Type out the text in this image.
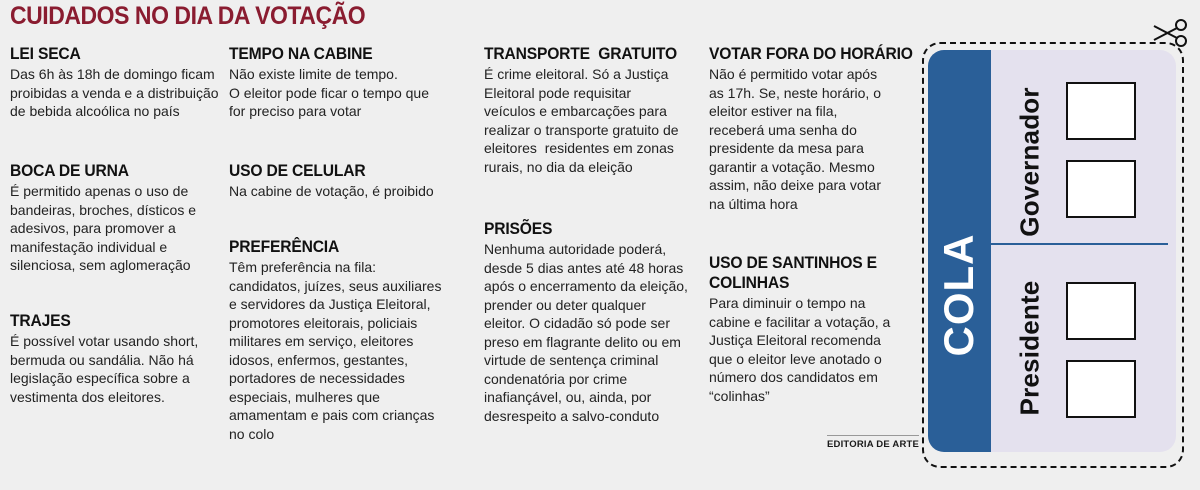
CUIDADOS NO DIA DA VOTAÇÃO
LEI SECA

Das 6h às 18h de domingo ficam
proibidas a venda e a distribuição
de bebida alcoólica no país

BOCA DE URNA

É permitido apenas o uso de
bandeiras, broches, dísticos e
adesivos, para promover a
manifestação individual e
silenciosa, sem aglomeração

TRAJES

É possível votar usando short,
bermuda ou sandália. Não há
legislação específica sobre a
vestimenta dos eleitores.

TEMPO NA CABINE

Não existe limite de tempo.
O eleitor pode ficar o tempo que
for preciso para votar

USO DE CELULAR

Na cabine de votação, é proibido

PREFERÊNCIA

Têm preferência na fila:
candidatos, juízes, seus auxiliares
e servidores da Justiça Eleitoral,
promotores eleitorais, policiais
militares em serviço, eleitores
idosos, enfermos, gestantes,
portadores de necessidades
especiais, mulheres que
amamentam e pais com crianças
no colo

TRANSPORTE  GRATUITO

É crime eleitoral. Só a Justiça
Eleitoral pode requisitar
veículos e embarcações para
realizar o transporte gratuito de
eleitores  residentes em zonas
rurais, no dia da eleição

PRISÕES

Nenhuma autoridade poderá,
desde 5 dias antes até 48 horas
após o encerramento da eleição,
prender ou deter qualquer
eleitor. O cidadão só pode ser
preso em flagrante delito ou em
virtude de sentença criminal
condenatória por crime
inafiançável, ou, ainda, por
desrespeito a salvo-conduto

VOTAR FORA DO HORÁRIO

Não é permitido votar após
as 17h. Se, neste horário, o
eleitor estiver na fila,
receberá uma senha do
presidente da mesa para
garantir a votação. Mesmo
assim, não deixe para votar
na última hora

USO DE SANTINHOS E
COLINHAS

Para diminuir o tempo na
cabine e facilitar a votação, a
Justiça Eleitoral recomenda
que o eleitor leve anotado o
número dos candidatos em
“colinhas”

EDITORIA DE ARTE
COLA
Governador
Presidente
